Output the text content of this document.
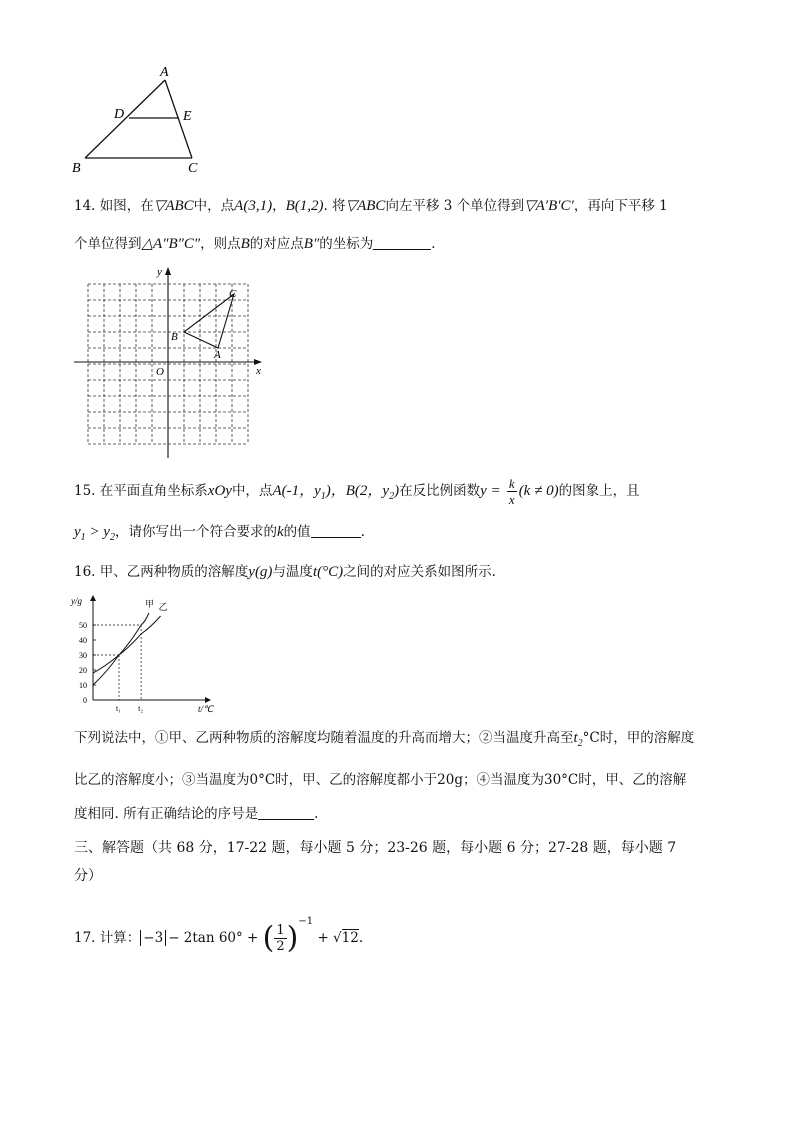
A
D	E
B	C
14. 如图，在▽ABC中，点A(3,1)，B(1,2). 将▽ABC向左平移 3 个单位得到▽A′B′C′，再向下平移 1
个单位得到△A″B″C″，则点B的对应点B″的坐标为	.
y
x
O
A
B
C
15. 在平面直角坐标系xOy中，点A(-1，$y_1$)，B(2，$y_2$)在反比例函数$y = \frac{k}{x} (k \ne 0)$的图象上，且
$y_1 > y_2$，请你写出一个符合要求的k的值	.
16. 甲、乙两种物质的溶解度y(g)与温度t(°C)之间的对应关系如图所示.
y/g
t/℃
0
10
20
30
40
50
t₁ t₂
甲 乙
下列说法中，①甲、乙两种物质的溶解度均随着温度的升高而增大；②当温度升高至$t_2^\circ C$时，甲的溶解度
比乙的溶解度小；③当温度为0°C时，甲、乙的溶解度都小于20g；④当温度为30°C时，甲、乙的溶解
度相同. 所有正确结论的序号是	.
三、解答题（共 68 分，17-22 题，每小题 5 分；23-26 题，每小题 6 分；27-28 题，每小题 7
分）
17. 计算： −3 − 2tan 60° + ( $\frac{1}{2} )^{-1} + √12$.
